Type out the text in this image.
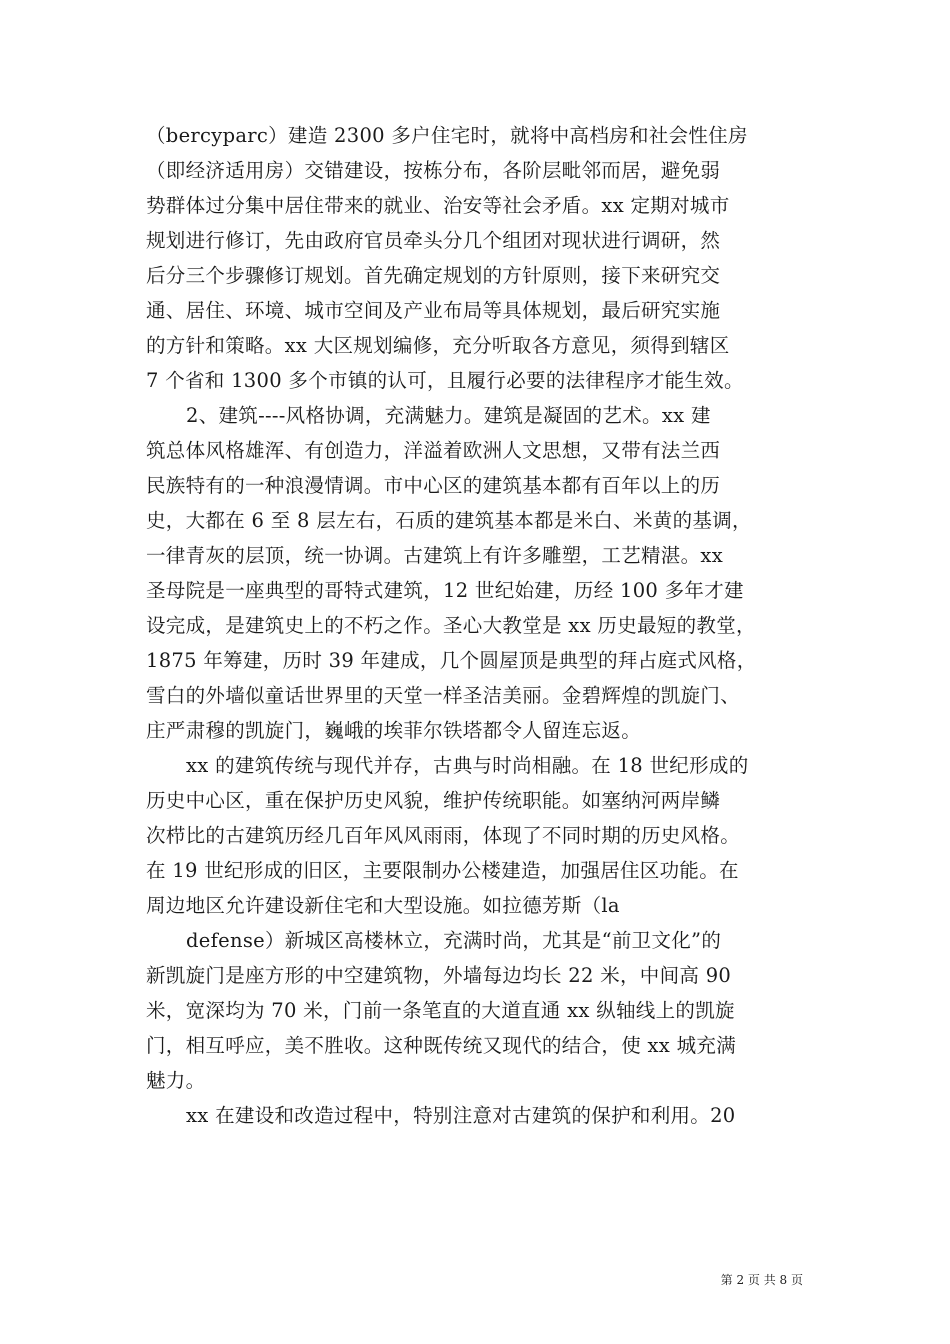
（bercyparc）建造 2300 多户住宅时，就将中高档房和社会性住房
（即经济适用房）交错建设，按栋分布，各阶层毗邻而居，避免弱
势群体过分集中居住带来的就业、治安等社会矛盾。xx 定期对城市
规划进行修订，先由政府官员牵头分几个组团对现状进行调研，然
后分三个步骤修订规划。首先确定规划的方针原则，接下来研究交
通、居住、环境、城市空间及产业布局等具体规划，最后研究实施
的方针和策略。xx 大区规划编修，充分听取各方意见，须得到辖区
7 个省和 1300 多个市镇的认可，且履行必要的法律程序才能生效。
2、建筑----风格协调，充满魅力。建筑是凝固的艺术。xx 建
筑总体风格雄浑、有创造力，洋溢着欧洲人文思想，又带有法兰西
民族特有的一种浪漫情调。市中心区的建筑基本都有百年以上的历
史，大都在 6 至 8 层左右，石质的建筑基本都是米白、米黄的基调，
一律青灰的层顶，统一协调。古建筑上有许多雕塑，工艺精湛。xx
圣母院是一座典型的哥特式建筑，12 世纪始建，历经 100 多年才建
设完成，是建筑史上的不朽之作。圣心大教堂是 xx 历史最短的教堂，
1875 年筹建，历时 39 年建成，几个圆屋顶是典型的拜占庭式风格，
雪白的外墙似童话世界里的天堂一样圣洁美丽。金碧辉煌的凯旋门、
庄严肃穆的凯旋门，巍峨的埃菲尔铁塔都令人留连忘返。
xx 的建筑传统与现代并存，古典与时尚相融。在 18 世纪形成的
历史中心区，重在保护历史风貌，维护传统职能。如塞纳河两岸鳞
次栉比的古建筑历经几百年风风雨雨，体现了不同时期的历史风格。
在 19 世纪形成的旧区，主要限制办公楼建造，加强居住区功能。在
周边地区允许建设新住宅和大型设施。如拉德芳斯（la
defense）新城区高楼林立，充满时尚，尤其是“前卫文化”的
新凯旋门是座方形的中空建筑物，外墙每边均长 22 米，中间高 90
米，宽深均为 70 米，门前一条笔直的大道直通 xx 纵轴线上的凯旋
门，相互呼应，美不胜收。这种既传统又现代的结合，使 xx 城充满
魅力。
xx 在建设和改造过程中，特别注意对古建筑的保护和利用。20
第 2 页 共 8 页
